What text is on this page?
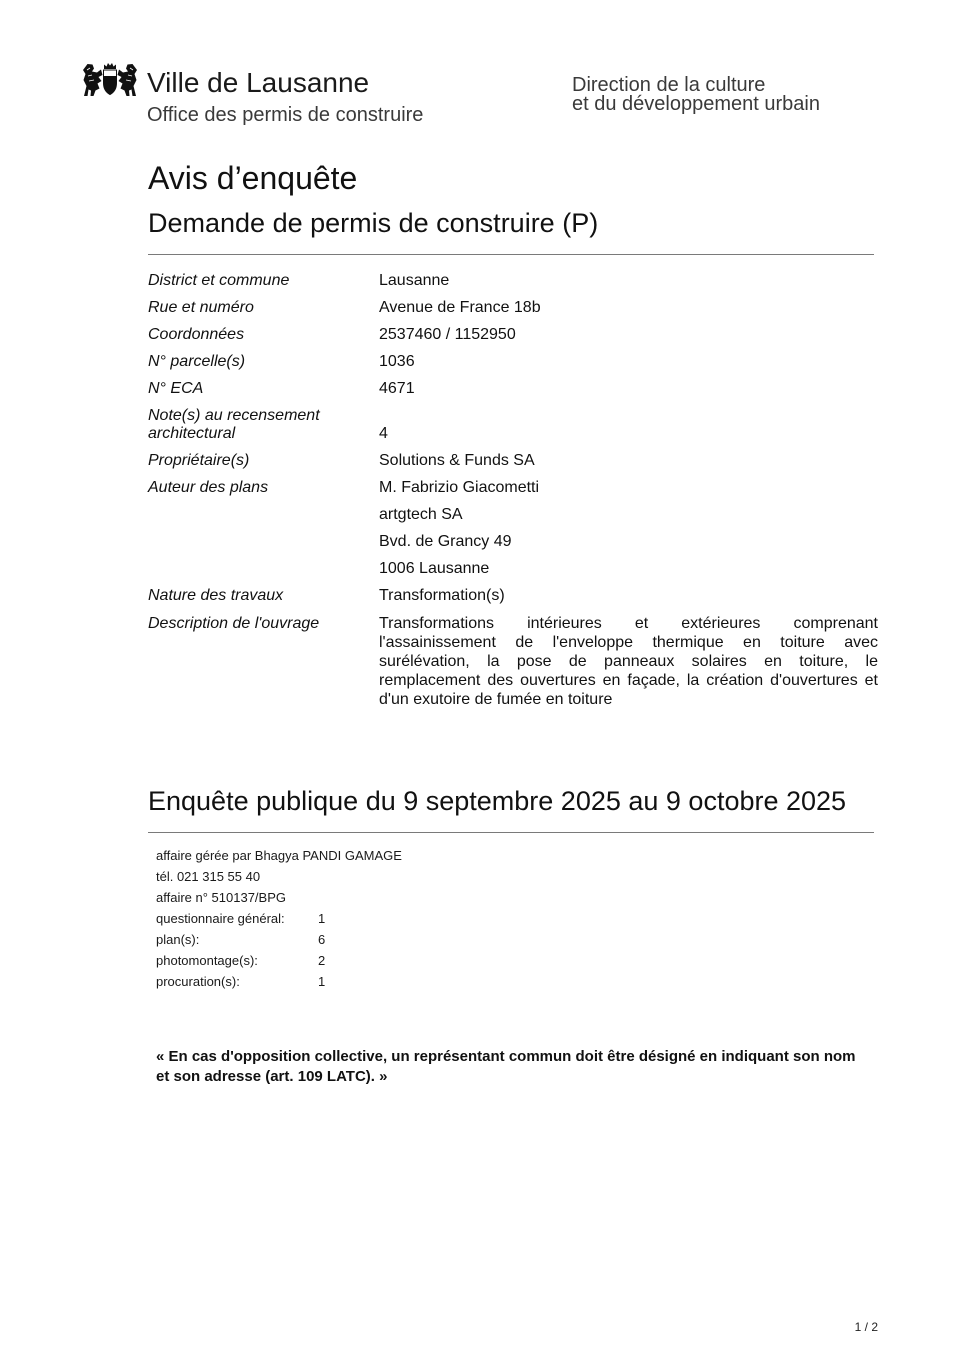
Ville de Lausanne
Office des permis de construire
Direction de la culture
et du développement urbain
Avis d’enquête
Demande de permis de construire (P)
District et commune	Lausanne
Rue et numéro	Avenue de France 18b
Coordonnées	2537460 / 1152950
N° parcelle(s)	1036
N° ECA	4671
Note(s) au recensement architectural	4
Propriétaire(s)	Solutions & Funds SA
Auteur des plans	M. Fabrizio Giacometti
artgtech SA
Bvd. de Grancy 49
1006 Lausanne
Nature des travaux	Transformation(s)
Description de l'ouvrage	Transformations intérieures et extérieures comprenant l'assainissement de l'enveloppe thermique en toiture avec surélévation, la pose de panneaux solaires en toiture, le remplacement des ouvertures en façade, la création d'ouvertures et d'un exutoire de fumée en toiture
Enquête publique du 9 septembre 2025 au 9 octobre 2025
affaire gérée par Bhagya PANDI GAMAGE
tél. 021 315 55 40
affaire n° 510137/BPG
questionnaire général:	1
plan(s):	6
photomontage(s):	2
procuration(s):	1
« En cas d'opposition collective, un représentant commun doit être désigné en indiquant son nom et son adresse (art. 109 LATC). »
1 / 2
